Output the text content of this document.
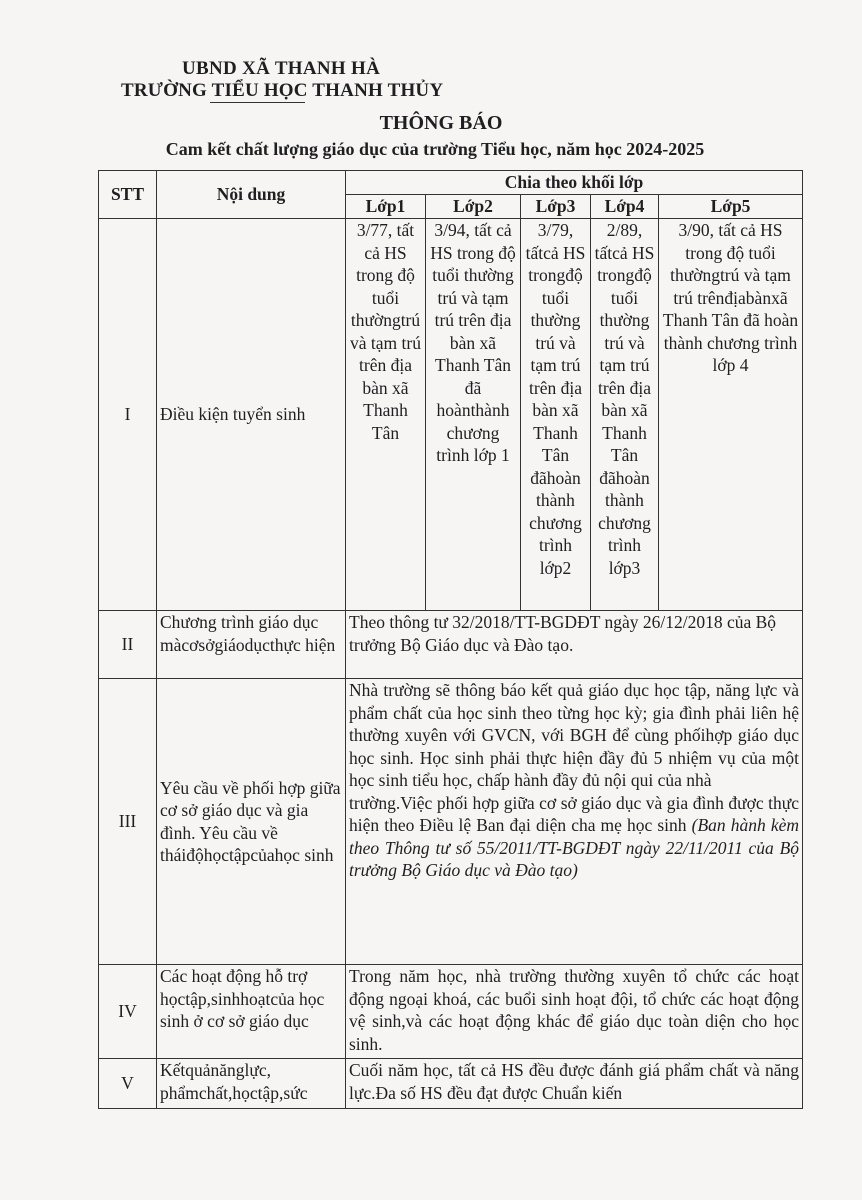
UBND XÃ THANH HÀ
TRƯỜNG TIỂU HỌC THANH THỦY
THÔNG BÁO
Cam kết chất lượng giáo dục của trường Tiểu học, năm học 2024-2025
STT	Nội dung	Chia theo khối lớp				
		Lớp1	Lớp2	Lớp3	Lớp4	Lớp5
I	Điều kiện tuyển sinh	3/77, tất cả HS trong độ tuổi thườngtrú và tạm trú trên địa bàn xã Thanh Tân	3/94, tất cả HS trong độ tuổi thường trú và tạm trú trên địa bàn xã Thanh Tân đã hoànthành chương trình lớp 1	3/79, tấtcả HS trongđộ tuổi thường trú và tạm trú trên địa bàn xã Thanh Tân đãhoàn thành chương trình lớp2	2/89, tấtcả HS trongđộ tuổi thường trú và tạm trú trên địa bàn xã Thanh Tân đãhoàn thành chương trình lớp3	3/90, tất cả HS trong độ tuổi thườngtrú và tạm trú trênđịabànxã Thanh Tân đã hoàn thành chương trình lớp 4
II	Chương trình giáo dục màcơsởgiáodụcthực hiện	Theo thông tư 32/2018/TT-BGDĐT ngày 26/12/2018 của Bộ trưởng Bộ Giáo dục và Đào tạo.				

III	Yêu cầu về phối hợp giữa cơ sở giáo dục và gia đình. Yêu cầu về tháiđộhọctậpcủahọc sinh	Nhà trường sẽ thông báo kết quả giáo dục học tập, năng lực và phẩm chất của học sinh theo từng học kỳ; gia đình phải liên hệ thường xuyên với GVCN, với BGH để cùng phốihợp giáo dục học sinh. Học sinh phải thực hiện đầy đủ 5 nhiệm vụ của một học sinh tiểu học, chấp hành đầy đủ nội qui của nhà
trường.Việc phối hợp giữa cơ sở giáo dục và gia đình được thực hiện theo Điều lệ Ban đại diện cha mẹ học sinh (Ban hành kèm theo Thông tư số 55/2011/TT-BGDĐT ngày 22/11/2011 của Bộ trưởng Bộ Giáo dục và Đào tạo)				

IV	Các hoạt động hỗ trợ họctập,sinhhoạtcủa học sinh ở cơ sở giáo dục	Trong năm học, nhà trường thường xuyên tổ chức các hoạt động ngoại khoá, các buổi sinh hoạt đội, tổ chức các hoạt động vệ sinh,và các hoạt động khác để giáo dục toàn diện cho học sinh.				

V	Kếtquảnănglực, phẩmchất,họctập,sức	Cuối năm học, tất cả HS đều được đánh giá phẩm chất và năng lực.Đa số HS đều đạt được Chuẩn kiến				
